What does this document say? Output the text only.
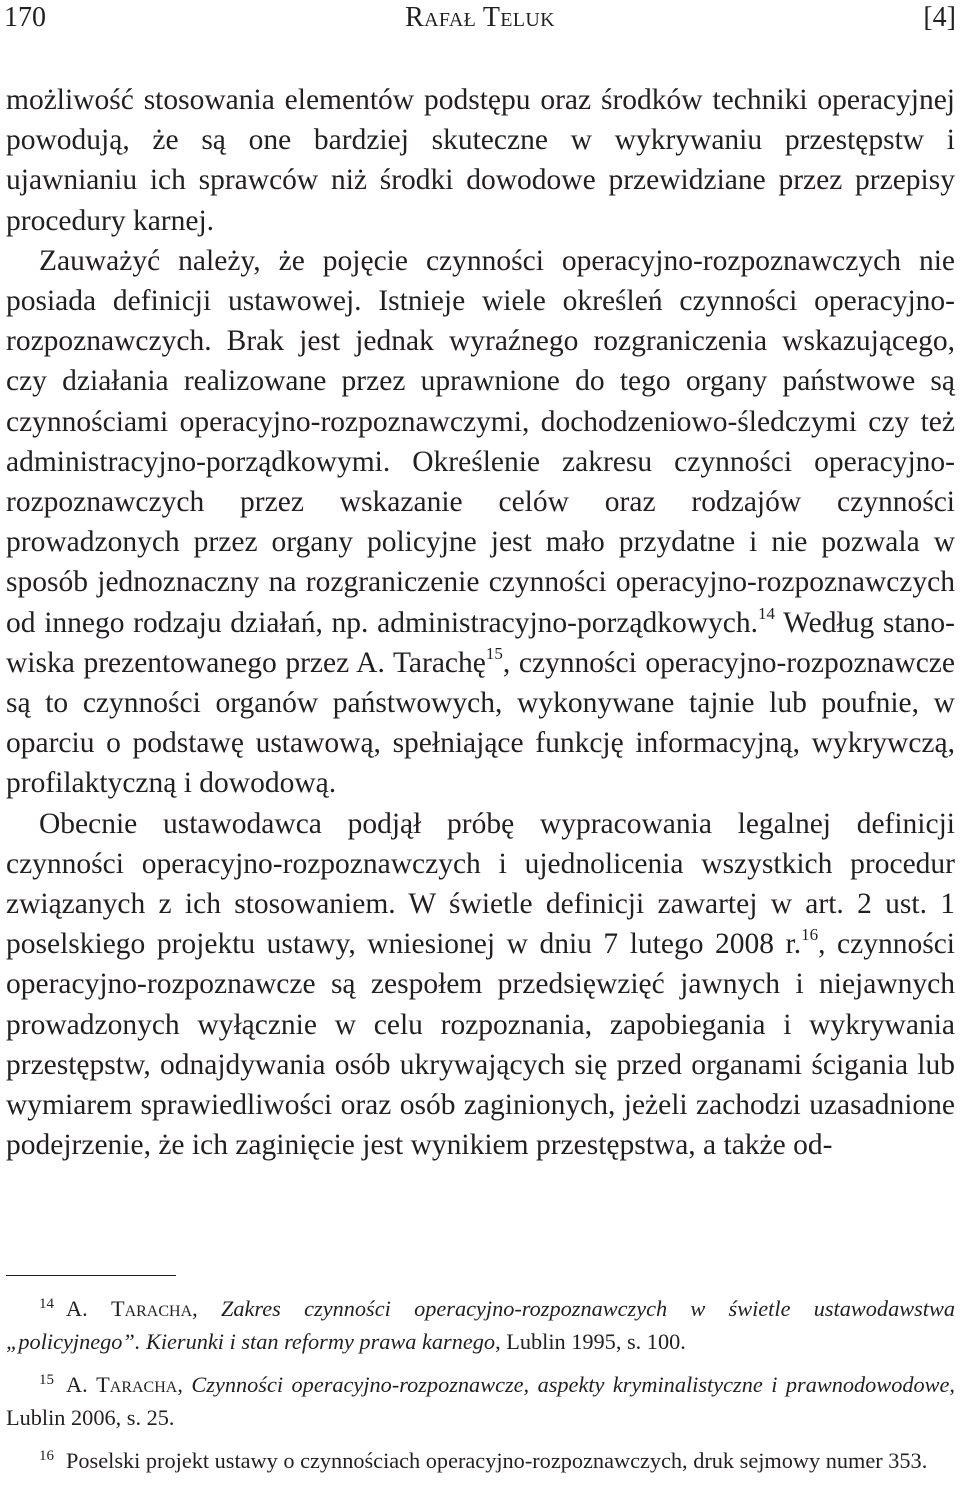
170	Rafał Teluk	[4]

możliwość stosowania elementów podstępu oraz środków techniki operacyjnej powodują, że są one bardziej skuteczne w wykrywaniu przestępstw i ujawnianiu ich sprawców niż środki dowodowe przewidziane przez przepisy procedury karnej.

Zauważyć należy, że pojęcie czynności operacyjno-rozpoznawczych nie posiada definicji ustawowej. Istnieje wiele określeń czynności operacyjno-rozpoznawczych. Brak jest jednak wyraźnego rozgraniczenia wskazującego, czy działania realizowane przez uprawnione do tego organy państwowe są czynnościami operacyjno-rozpoznawczymi, dochodzeniowo-śledczymi czy też administracyjno-porządkowymi. Określenie zakresu czynności operacyjno-rozpoznawczych przez wskazanie celów oraz rodzajów czynności prowadzonych przez organy policyjne jest mało przydatne i nie pozwala w sposób jednoznaczny na rozgraniczenie czynności operacyjno-rozpoznawczych od innego rodzaju działań, np. administracyjno-porządkowych.$^{14}$ Według stanowiska prezentowanego przez A. Tarachę$^{15}$, czynności operacyjno-rozpoznawcze są to czynności organów państwowych, wykonywane tajnie lub poufnie, w oparciu o podstawę ustawową, spełniające funkcję informacyjną, wykrywczą, profilaktyczną i dowodową.

Obecnie ustawodawca podjął próbę wypracowania legalnej definicji czynności operacyjno-rozpoznawczych i ujednolicenia wszystkich procedur związanych z ich stosowaniem. W świetle definicji zawartej w art. 2 ust. 1 poselskiego projektu ustawy, wniesionej w dniu 7 lutego 2008 r.$^{16}$, czynności operacyjno-rozpoznawcze są zespołem przedsięwzięć jawnych i niejawnych prowadzonych wyłącznie w celu rozpoznania, zapobiegania i wykrywania przestępstw, odnajdywania osób ukrywających się przed organami ścigania lub wymiarem sprawiedliwości oraz osób zaginionych, jeżeli zachodzi uzasadnione podejrzenie, że ich zaginięcie jest wynikiem przestępstwa, a także od-

$^{14}$ A. Taracha, Zakres czynności operacyjno-rozpoznawczych w świetle ustawodawstwa „policyjnego”. Kierunki i stan reformy prawa karnego, Lublin 1995, s. 100.

$^{15}$ A. Taracha, Czynności operacyjno-rozpoznawcze, aspekty kryminalistyczne i prawnodowodowe, Lublin 2006, s. 25.

$^{16}$ Poselski projekt ustawy o czynnościach operacyjno-rozpoznawczych, druk sejmowy numer 353.
